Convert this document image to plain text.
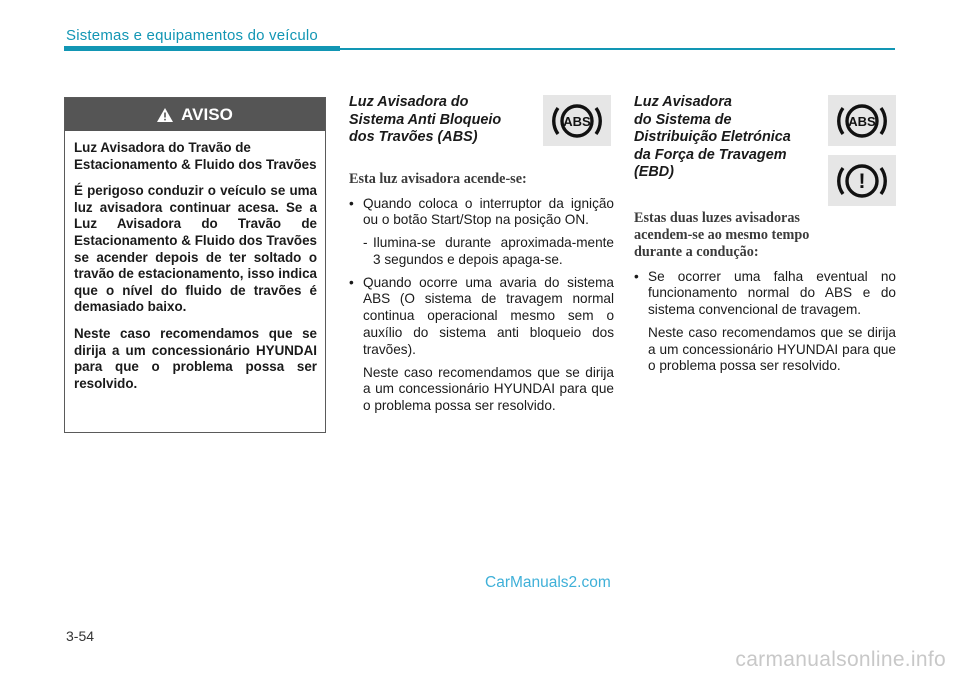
Sistemas e equipamentos do veículo
AVISO

Luz Avisadora do Travão de Estacionamento & Fluido dos Travões

É perigoso conduzir o veículo se uma luz avisadora continuar acesa. Se a Luz Avisadora do Travão de Estacionamento & Fluido dos Travões se acender depois de ter soltado o travão de estacionamento, isso indica que o nível do fluido de travões é demasiado baixo.

Neste caso recomendamos que se dirija a um concessionário HYUNDAI para que o problema possa ser resolvido.

Luz Avisadora do
Sistema Anti Bloqueio
dos Travões (ABS)

Esta luz avisadora acende-se:

• Quando coloca o interruptor da ignição ou o botão Start/Stop na posição ON.

- Ilumina-se durante aproximada-mente 3 segundos e depois apaga-se.

• Quando ocorre uma avaria do sistema ABS (O sistema de travagem normal continua operacional mesmo sem o auxílio do sistema anti bloqueio dos travões).

Neste caso recomendamos que se dirija a um concessionário HYUNDAI para que o problema possa ser resolvido.

ABS
Luz Avisadora
do Sistema de
Distribuição Eletrónica
da Força de Travagem
(EBD)

Estas duas luzes avisadoras
acendem-se ao mesmo tempo
durante a condução:

• Se ocorrer uma falha eventual no funcionamento normal do ABS e do sistema convencional de travagem.

Neste caso recomendamos que se dirija a um concessionário HYUNDAI para que o problema possa ser resolvido.

ABS
!
CarManuals2.com
3-54
carmanualsonline.info
